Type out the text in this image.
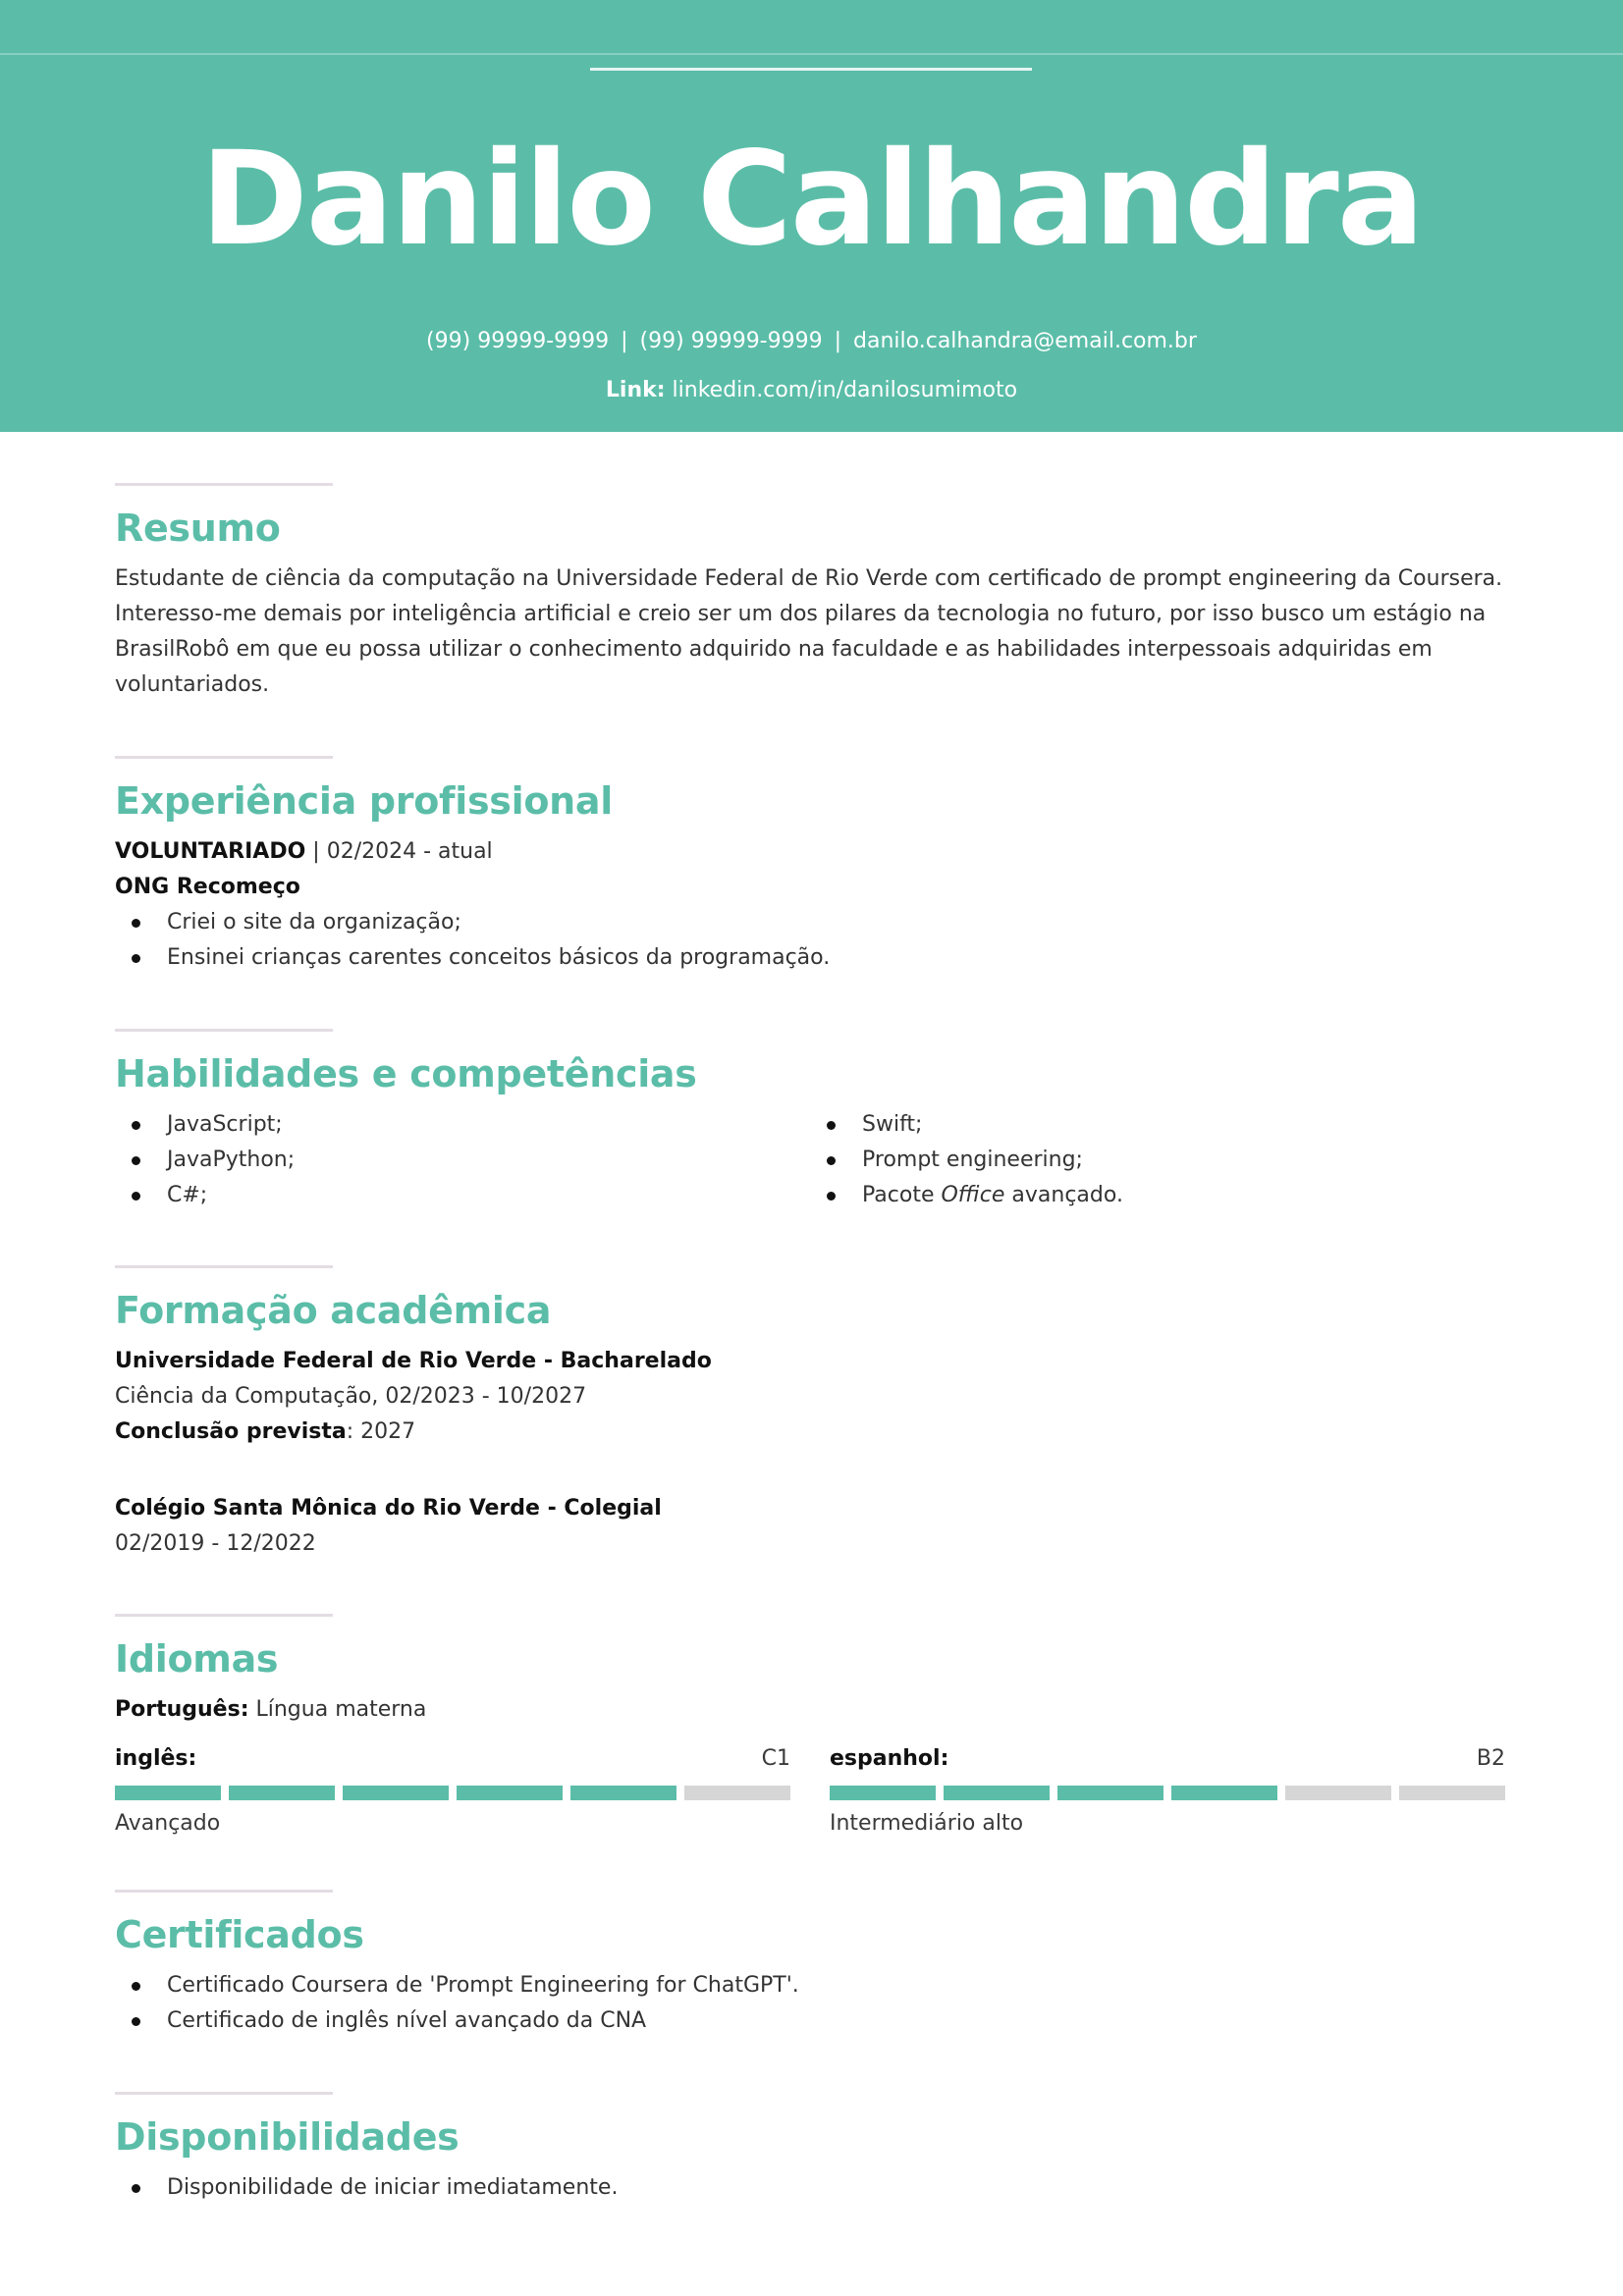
Danilo Calhandra
(99) 99999-9999 | (99) 99999-9999 | danilo.calhandra@email.com.br
Link: linkedin.com/in/danilosumimoto
Resumo

Estudante de ciência da computação na Universidade Federal de Rio Verde com certificado de prompt engineering da Coursera. Interesso-me demais por inteligência artificial e creio ser um dos pilares da tecnologia no futuro, por isso busco um estágio na BrasilRobô em que eu possa utilizar o conhecimento adquirido na faculdade e as habilidades interpessoais adquiridas em voluntariados.

Experiência profissional
VOLUNTARIADO | 02/2024 - atual
ONG Recomeço
Criei o site da organização;
Ensinei crianças carentes conceitos básicos da programação.
Habilidades e competências
JavaScript;
JavaPython;
C#;
Swift;
Prompt engineering;
Pacote Office avançado.
Formação acadêmica
Universidade Federal de Rio Verde - Bacharelado
Ciência da Computação, 02/2023 - 10/2027
Conclusão prevista: 2027
Colégio Santa Mônica do Rio Verde - Colegial
02/2019 - 12/2022
Idiomas
Português: Língua materna
inglês:	C1
Avançado
espanhol:	B2
Intermediário alto
Certificados
Certificado Coursera de 'Prompt Engineering for ChatGPT'.
Certificado de inglês nível avançado da CNA
Disponibilidades
Disponibilidade de iniciar imediatamente.
